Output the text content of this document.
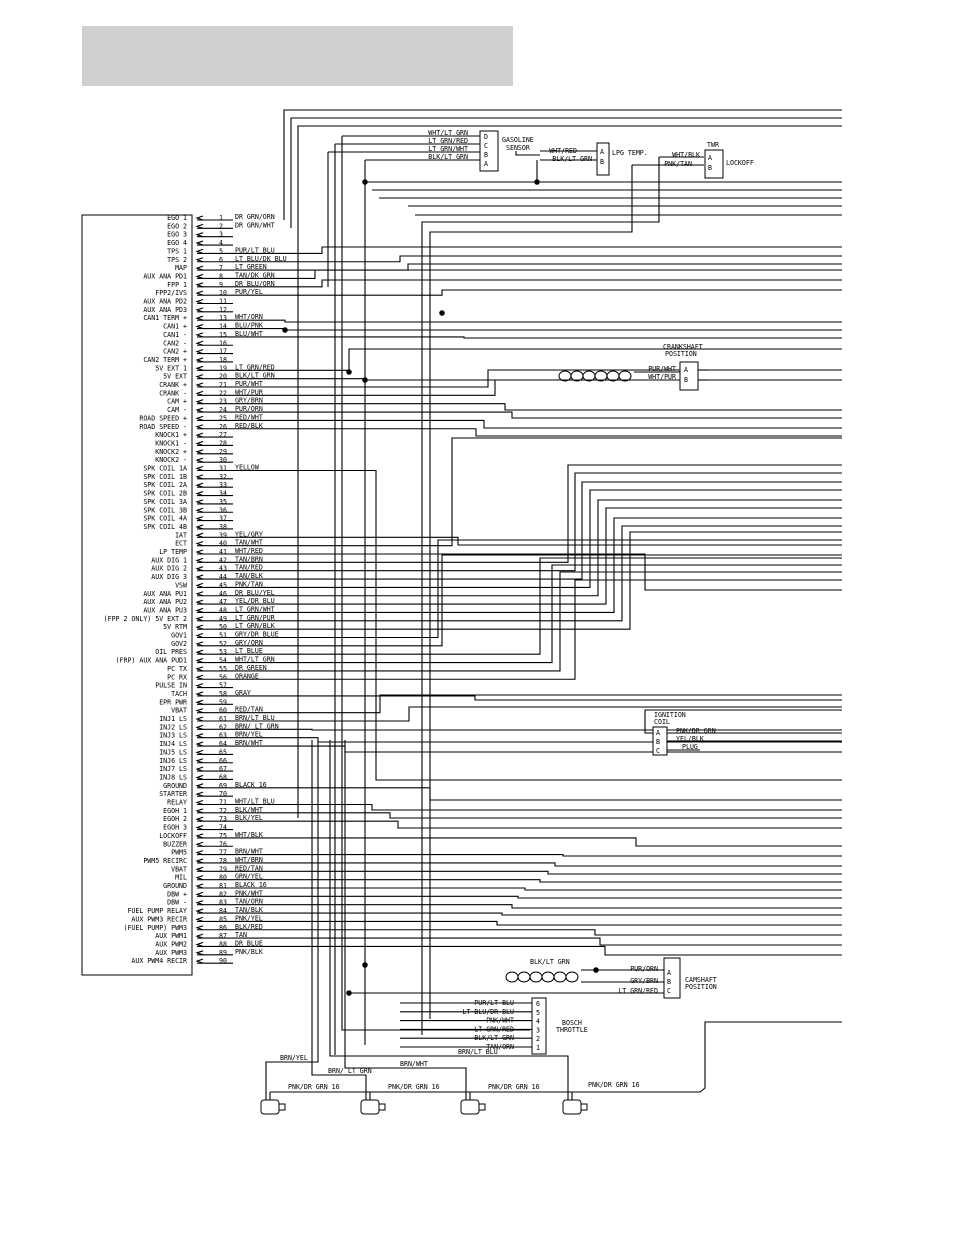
EGO 1	1 DR GRN/ORN
EGO 2	2 DR GRN/WHT
EGO 3	3
EGO 4	4
TPS 1	5 PUR/LT BLU
TPS 2	6 LT BLU/DK BLU
MAP	7 LT GREEN
AUX ANA PD1	8 TAN/DK GRN
FPP 1	9 DR BLU/ORN
FPP2/IVS	10 PUR/YEL
AUX ANA PD2	11
AUX ANA PD3	12
CAN1 TERM +	13 WHT/ORN
CAN1 +	14 BLU/PNK
CAN1 -	15 BLU/WHT
CAN2 -	16
CAN2 +	17
CAN2 TERM +	18
5V EXT 1	19 LT GRN/RED
5V EXT	20 BLK/LT GRN
CRANK +	21 PUR/WHT
CRANK -	22 WHT/PUR
CAM +	23 GRY/BRN
CAM -	24 PUR/ORN
ROAD SPEED +	25 RED/WHT
ROAD SPEED -	26 RED/BLK
KNOCK1 +	27
KNOCK1 -	28
KNOCK2 +	29
KNOCK2 -	30
SPK COIL 1A	31 YELLOW
SPK COIL 1B	32
SPK COIL 2A	33
SPK COIL 2B	34
SPK COIL 3A	35
SPK COIL 3B	36
SPK COIL 4A	37
SPK COIL 4B	38
IAT	39 YEL/GRY
ECT	40 TAN/WHT
LP TEMP	41 WHT/RED
AUX DIG 1	42 TAN/BRN
AUX DIG 2	43 TAN/RED
AUX DIG 3	44 TAN/BLK
VSW	45 PNK/TAN
AUX ANA PU1	46 DR BLU/YEL
AUX ANA PU2	47 YEL/DR BLU
AUX ANA PU3	48 LT GRN/WHT
(FPP 2 ONLY) 5V EXT 2	49 LT GRN/PUR
5V RTM	50 LT GRN/BLK
GOV1	51 GRY/DR BLUE
GOV2	52 GRY/ORN
OIL PRES	53 LT BLUE
(FRP) AUX ANA PUD1	54 WHT/LT GRN
PC TX	55 DR GREEN
PC RX	56 ORANGE
PULSE IN	57
TACH	58 GRAY
EPR PWR	59
VBAT	60 RED/TAN
INJ1 LS	61 BRN/LT BLU
INJ2 LS	62 BRN/ LT GRN
INJ3 LS	63 BRN/YEL
INJ4 LS	64 BRN/WHT
INJ5 LS	65
INJ6 LS	66
INJ7 LS	67
INJ8 LS	68
GROUND	69 BLACK 16
STARTER	70
RELAY	71 WHT/LT BLU
EGOH 1	72 BLK/WHT
EGOH 2	73 BLK/YEL
EGOH 3	74
LOCKOFF	75 WHT/BLK
BUZZER	76
PWM5	77 BRN/WHT
PWM5 RECIRC	78 WHT/BRN
VBAT	79 RED/TAN
MIL	80 GRN/YEL
GROUND	81 BLACK 16
DBW +	82 PNK/WHT
DBW -	83 TAN/ORN
FUEL PUMP RELAY	84 TAN/BLK
AUX PWM3 RECIR	85 PNK/YEL
(FUEL PUMP) PWM3	86 BLK/RED
AUX PWM1	87 TAN
AUX PWM2	88 DR BLUE
AUX PWM3	89 PNK/BLK
AUX PWM4 RECIR	90
D
C
B
A
GASOLINE
SENSOR
WHT/LT GRN
LT GRN/RED
LT GRN/WHT
BLK/LT GRN
A
B
LPG TEMP.
WHT/RED
BLK/LT GRN
TWR
A
B
LOCKOFF
WHT/BLK
PNK/TAN
CRANKSHAFT
POSITION
A
B
PUR/WHT
WHT/PUR
IGNITION
COIL
A
B
C
PNK/DR GRN
YEL/BLK
PLUG
A
B
C
CAMSHAFT
POSITION
PUR/ORN
GRY/BRN
LT GRN/RED
BLK/LT GRN
6
PUR/LT BLU
5
LT BLU/DR BLU
4
PNK/WHT
3
LT GRN/RED
2
BLK/LT GRN
1
TAN/ORN
BOSCH
THROTTLE
PNK/DR GRN 16	PNK/DR GRN 16	PNK/DR GRN 16
BRN/YEL
BRN/ LT GRN
BRN/WHT
BRN/LT BLU
PNK/DR GRN 16
